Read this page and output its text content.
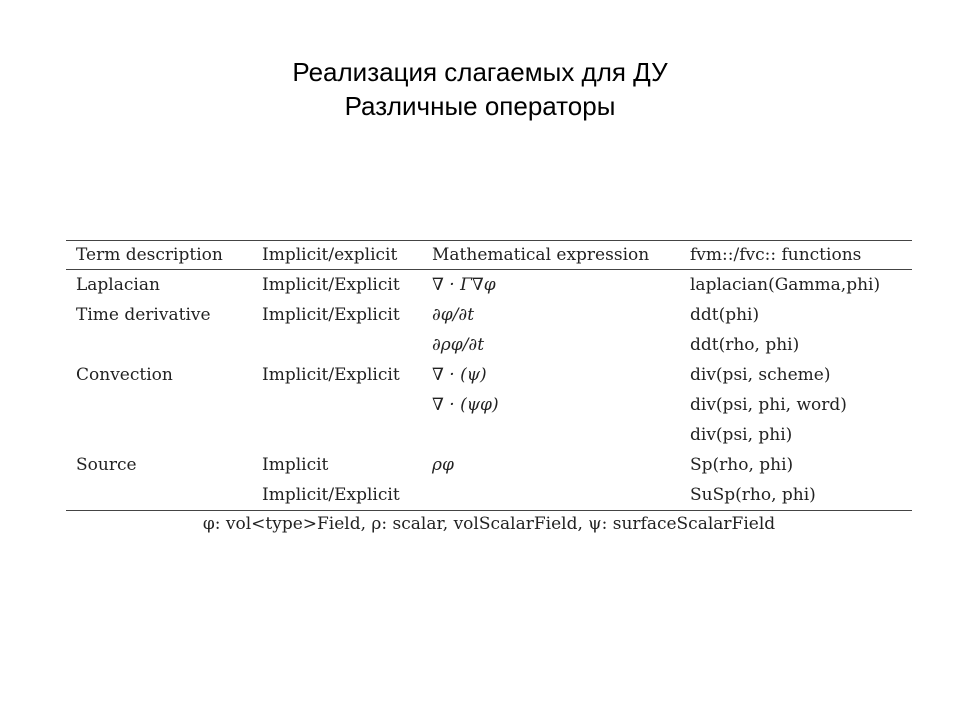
Реализация слагаемых для ДУ
Различные операторы
Term description	Implicit/explicit	Mathematical expression	fvm::/fvc:: functions
Laplacian	Implicit/Explicit	∇ · Γ∇φ	laplacian(Gamma,phi)
Time derivative	Implicit/Explicit	∂φ/∂t	ddt(phi)
		∂ρφ/∂t	ddt(rho, phi)
Convection	Implicit/Explicit	∇ · (ψ)	div(psi, scheme)
		∇ · (ψφ)	div(psi, phi, word)
			div(psi, phi)
Source	Implicit	ρφ	Sp(rho, phi)
	Implicit/Explicit		SuSp(rho, phi)
φ: vol<type>Field, ρ: scalar, volScalarField, ψ: surfaceScalarField
